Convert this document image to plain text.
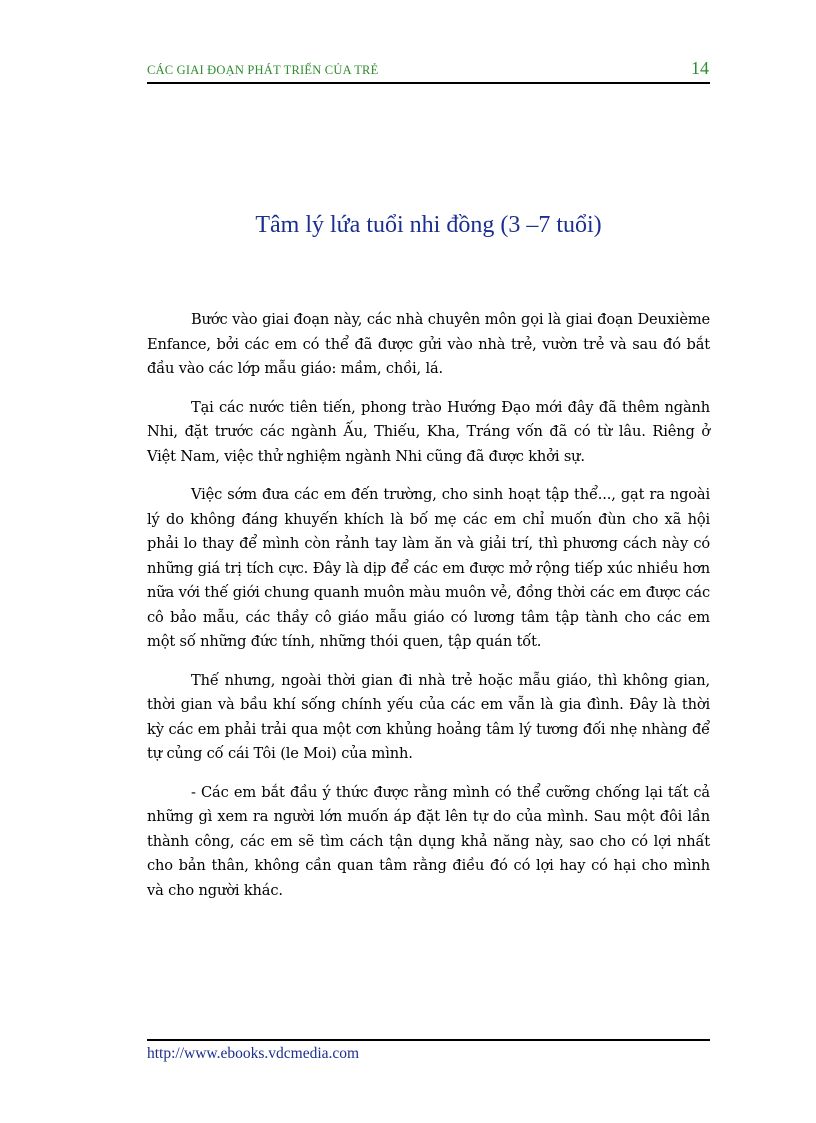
CÁC GIAI ĐOẠN PHÁT TRIỂN CỦA TRẺ	14
Tâm lý lứa tuổi nhi đồng (3 –7 tuổi)

Bước vào giai đoạn này, các nhà chuyên môn gọi là giai đoạn Deuxième Enfance, bởi các em có thể đã được gửi vào nhà trẻ, vườn trẻ và sau đó bắt đầu vào các lớp mẫu giáo: mầm, chồi, lá.

Tại các nước tiên tiến, phong trào Hướng Đạo mới đây đã thêm ngành Nhi, đặt trước các ngành Ấu, Thiếu, Kha, Tráng vốn đã có từ lâu. Riêng ở Việt Nam, việc thử nghiệm ngành Nhi cũng đã được khởi sự.

Việc sớm đưa các em đến trường, cho sinh hoạt tập thể..., gạt ra ngoài lý do không đáng khuyến khích là bố mẹ các em chỉ muốn đùn cho xã hội phải lo thay để mình còn rảnh tay làm ăn và giải trí, thì phương cách này có những giá trị tích cực. Đây là dịp để các em được mở rộng tiếp xúc nhiều hơn nữa với thế giới chung quanh muôn màu muôn vẻ, đồng thời các em được các cô bảo mẫu, các thầy cô giáo mẫu giáo có lương tâm tập tành cho các em một số những đức tính, những thói quen, tập quán tốt.

Thế nhưng, ngoài thời gian đi nhà trẻ hoặc mẫu giáo, thì không gian, thời gian và bầu khí sống chính yếu của các em vẫn là gia đình. Đây là thời kỳ các em phải trải qua một cơn khủng hoảng tâm lý tương đối nhẹ nhàng để tự củng cố cái Tôi (le Moi) của mình.

- Các em bắt đầu ý thức được rằng mình có thể cưỡng chống lại tất cả những gì xem ra người lớn muốn áp đặt lên tự do của mình. Sau một đôi lần thành công, các em sẽ tìm cách tận dụng khả năng này, sao cho có lợi nhất cho bản thân, không cần quan tâm rằng điều đó có lợi hay có hại cho mình và cho người khác.

http://www.ebooks.vdcmedia.com
